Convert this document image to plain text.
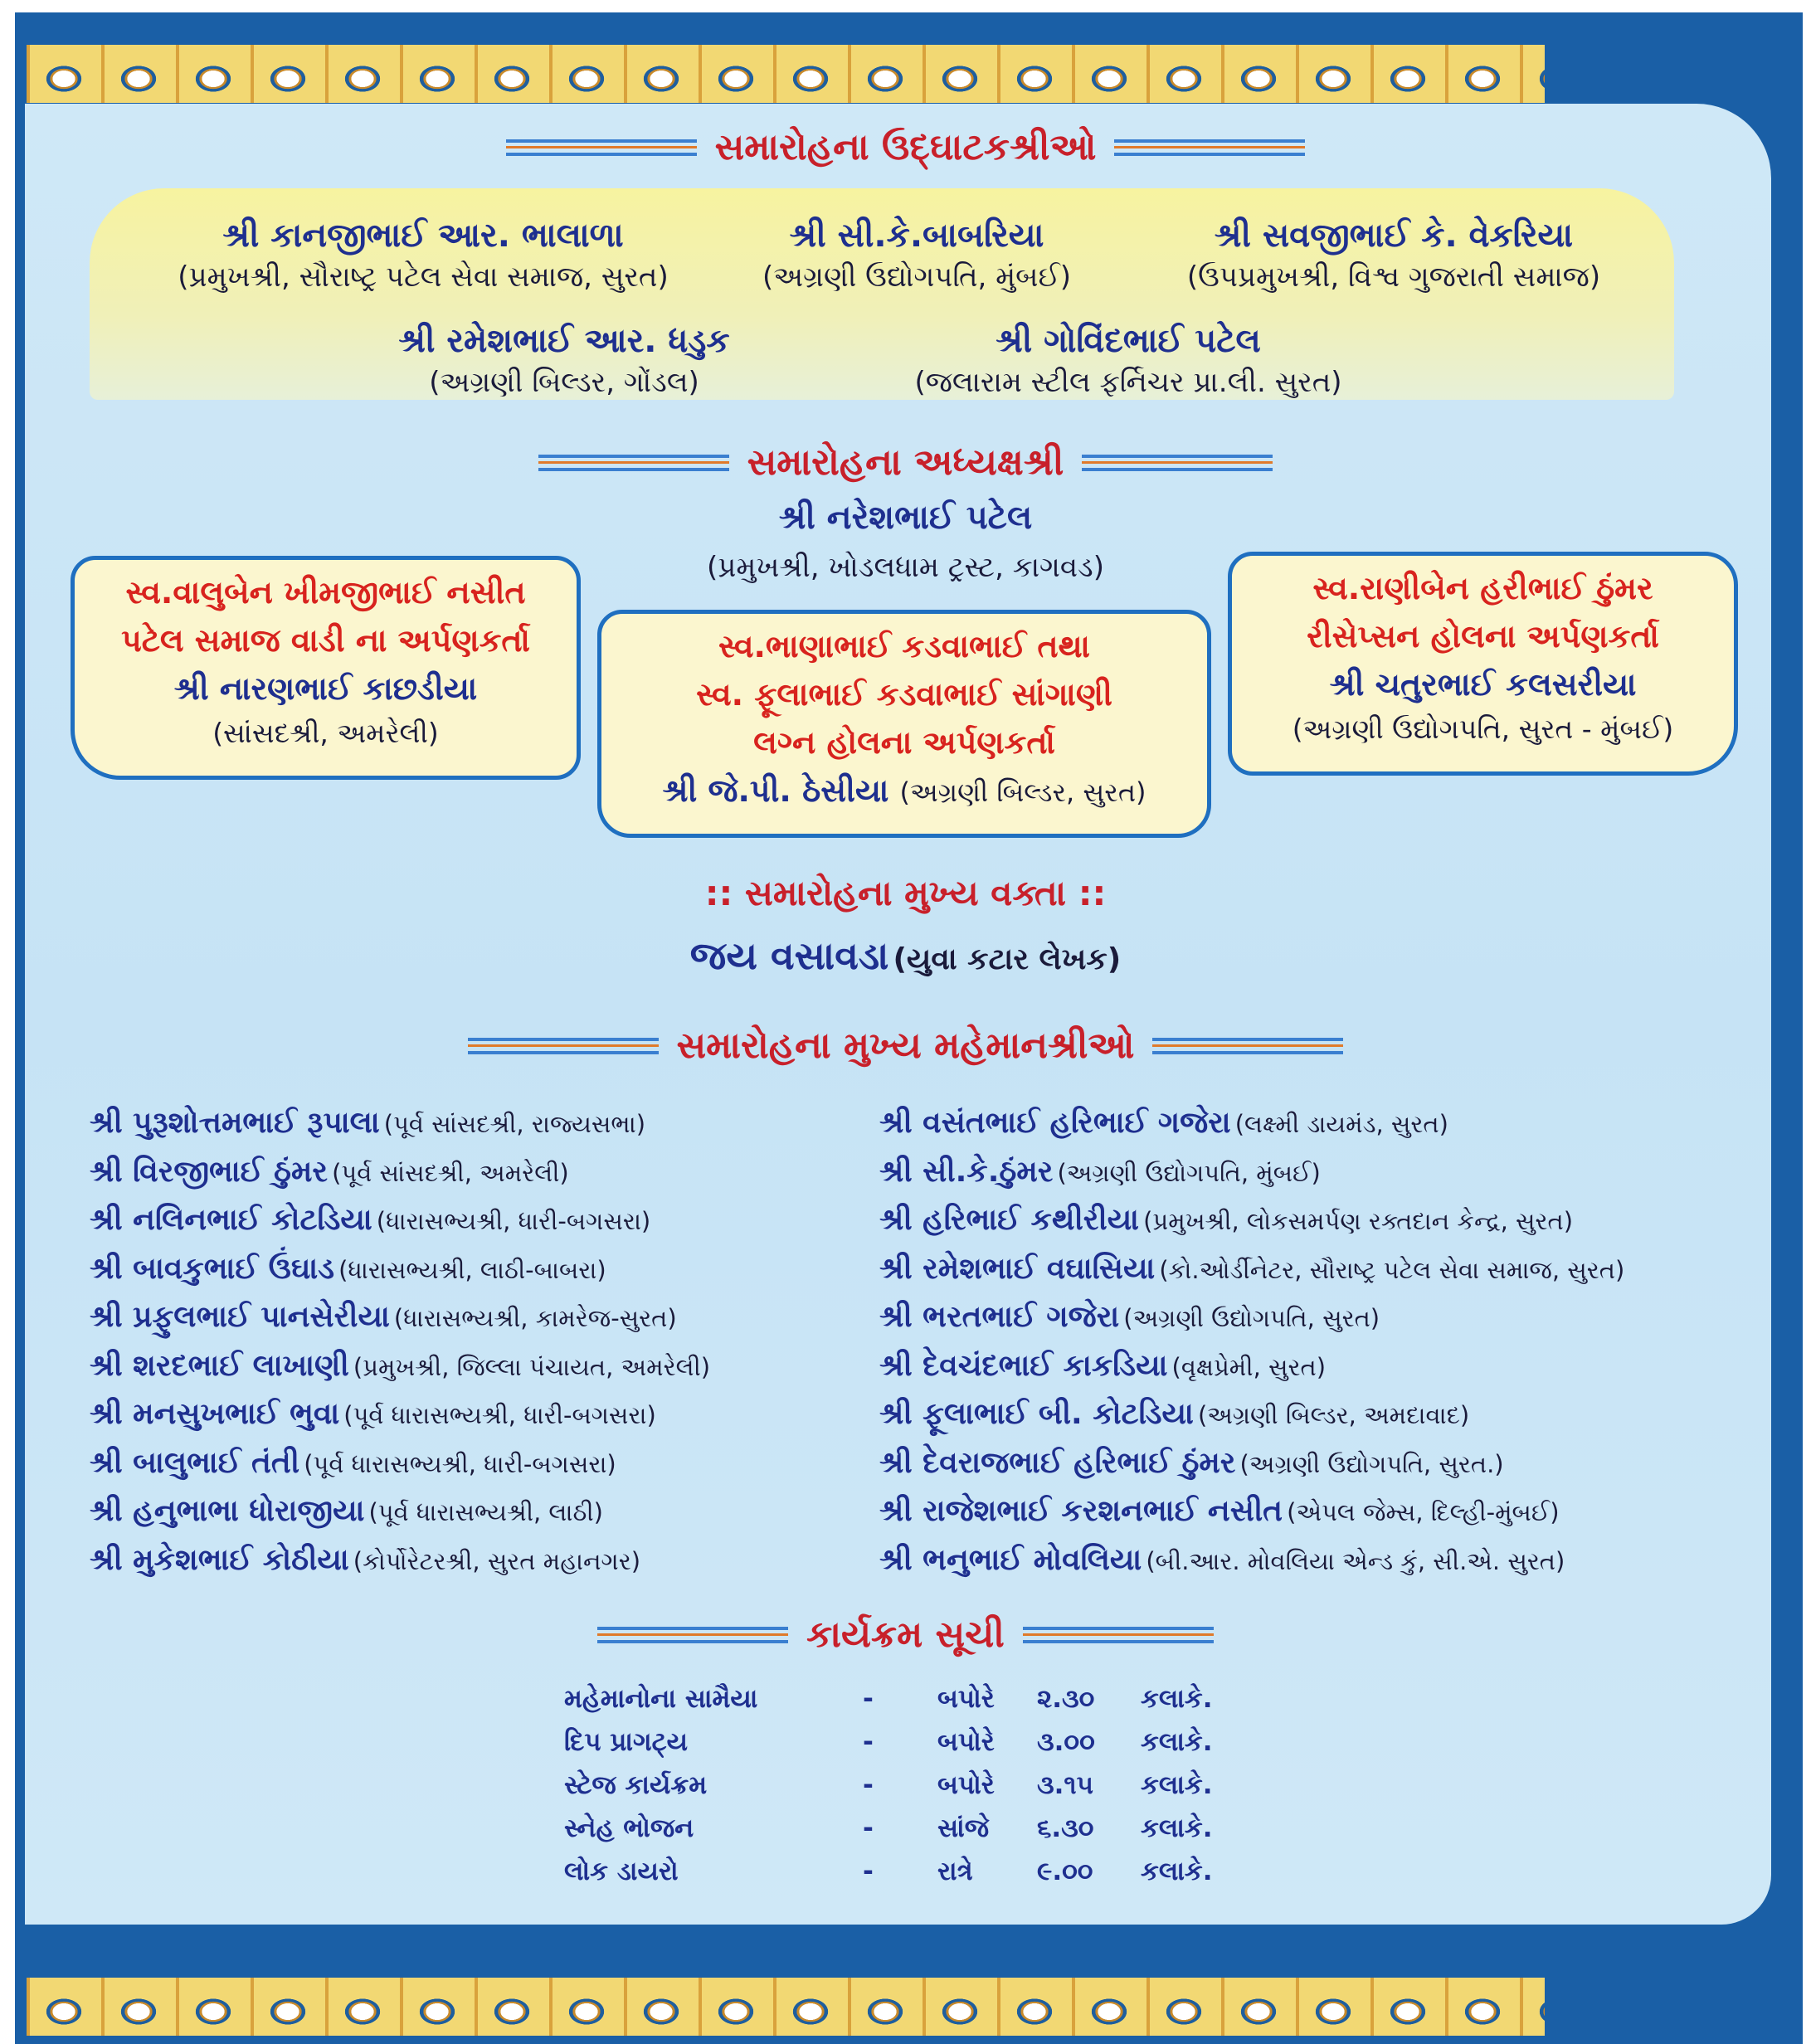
સમારોહના ઉદ્‌ઘાટકશ્રીઓ
શ્રી કાનજીભાઈ આર. ભાલાળા
(પ્રમુખશ્રી, સૌરાષ્ટ્ર પટેલ સેવા સમાજ, સુરત)
શ્રી સી.કે.બાબરિયા
(અગ્રણી ઉદ્યોગપતિ, મુંબઈ)
શ્રી સવજીભાઈ કે. વેકરિયા
(ઉપપ્રમુખશ્રી, વિશ્વ ગુજરાતી સમાજ)
શ્રી રમેશભાઈ આર. ધડુક
(અગ્રણી બિલ્ડર, ગોંડલ)
શ્રી ગોવિંદભાઈ પટેલ
(જલારામ સ્ટીલ ફર્નિચર પ્રા.લી. સુરત)
સમારોહના અધ્યક્ષશ્રી
શ્રી નરેશભાઈ પટેલ
(પ્રમુખશ્રી, ખોડલધામ ટ્રસ્ટ, કાગવડ)
સ્વ.વાલુબેન ખીમજીભાઈ નસીત
પટેલ સમાજ વાડી ના અર્પણકર્તા
શ્રી નારણભાઈ કાછડીયા
(સાંસદશ્રી, અમરેલી)
સ્વ.ભાણાભાઈ કડવાભાઈ તથા
સ્વ. ફૂલાભાઈ કડવાભાઈ સાંગાણી
લગ્ન હોલના અર્પણકર્તા
શ્રી જે.પી. ઠેસીયા (અગ્રણી બિલ્ડર, સુરત)
સ્વ.રાણીબેન હરીભાઈ ઠુંમર
રીસેપ્સન હોલના અર્પણકર્તા
શ્રી ચતુરભાઈ કલસરીયા
(અગ્રણી ઉદ્યોગપતિ, સુરત - મુંબઈ)
:: સમારોહના મુખ્ય વક્તા ::
જય વસાવડા (યુવા કટાર લેખક)
સમારોહના મુખ્ય મહેમાનશ્રીઓ
શ્રી પુરૂશોત્તમભાઈ રૂપાલા (પૂર્વ સાંસદશ્રી, રાજ્યસભા)
શ્રી વિરજીભાઈ ઠુંમર (પૂર્વ સાંસદશ્રી, અમરેલી)
શ્રી નલિનભાઈ કોટડિયા (ધારાસભ્યશ્રી, ધારી-બગસરા)
શ્રી બાવકુભાઈ ઉંઘાડ (ધારાસભ્યશ્રી, લાઠી-બાબરા)
શ્રી પ્રફુલભાઈ પાનસેરીયા (ધારાસભ્યશ્રી, કામરેજ-સુરત)
શ્રી શરદભાઈ લાખાણી (પ્રમુખશ્રી, જિલ્લા પંચાયત, અમરેલી)
શ્રી મનસુખભાઈ ભુવા (પૂર્વ ધારાસભ્યશ્રી, ધારી-બગસરા)
શ્રી બાલુભાઈ તંતી (પૂર્વ ધારાસભ્યશ્રી, ધારી-બગસરા)
શ્રી હનુભાભા ધોરાજીયા (પૂર્વ ધારાસભ્યશ્રી, લાઠી)
શ્રી મુકેશભાઈ કોઠીયા (કોર્પોરેટરશ્રી, સુરત મહાનગર)
શ્રી વસંતભાઈ હરિભાઈ ગજેરા (લક્ષ્મી ડાયમંડ, સુરત)
શ્રી સી.કે.ઠુંમર (અગ્રણી ઉદ્યોગપતિ, મુંબઈ)
શ્રી હરિભાઈ કથીરીયા (પ્રમુખશ્રી, લોકસમર્પણ રક્તદાન કેન્દ્ર, સુરત)
શ્રી રમેશભાઈ વઘાસિયા (કો.ઓર્ડીનેટર, સૌરાષ્ટ્ર પટેલ સેવા સમાજ, સુરત)
શ્રી ભરતભાઈ ગજેરા (અગ્રણી ઉદ્યોગપતિ, સુરત)
શ્રી દેવચંદભાઈ કાકડિયા (વૃક્ષપ્રેમી, સુરત)
શ્રી ફૂલાભાઈ બી. કોટડિયા (અગ્રણી બિલ્ડર, અમદાવાદ)
શ્રી દેવરાજભાઈ હરિભાઈ ઠુંમર (અગ્રણી ઉદ્યોગપતિ, સુરત.)
શ્રી રાજેશભાઈ કરશનભાઈ નસીત (એપલ જેમ્સ, દિલ્હી-મુંબઈ)
શ્રી ભનુભાઈ મોવલિયા (બી.આર. મોવલિયા એન્ડ કું, સી.એ. સુરત)
કાર્યક્રમ સૂચી
મહેમાનોના સામૈયા	- બપોરે ૨.૩૦ કલાકે.
દિપ પ્રાગટ્ય	- બપોરે ૩.૦૦ કલાકે.
સ્ટેજ કાર્યક્રમ	- બપોરે ૩.૧૫ કલાકે.
સ્નેહ ભોજન	- સાંજે ૬.૩૦ કલાકે.
લોક ડાયરો	- રાત્રે ૯.૦૦ કલાકે.
